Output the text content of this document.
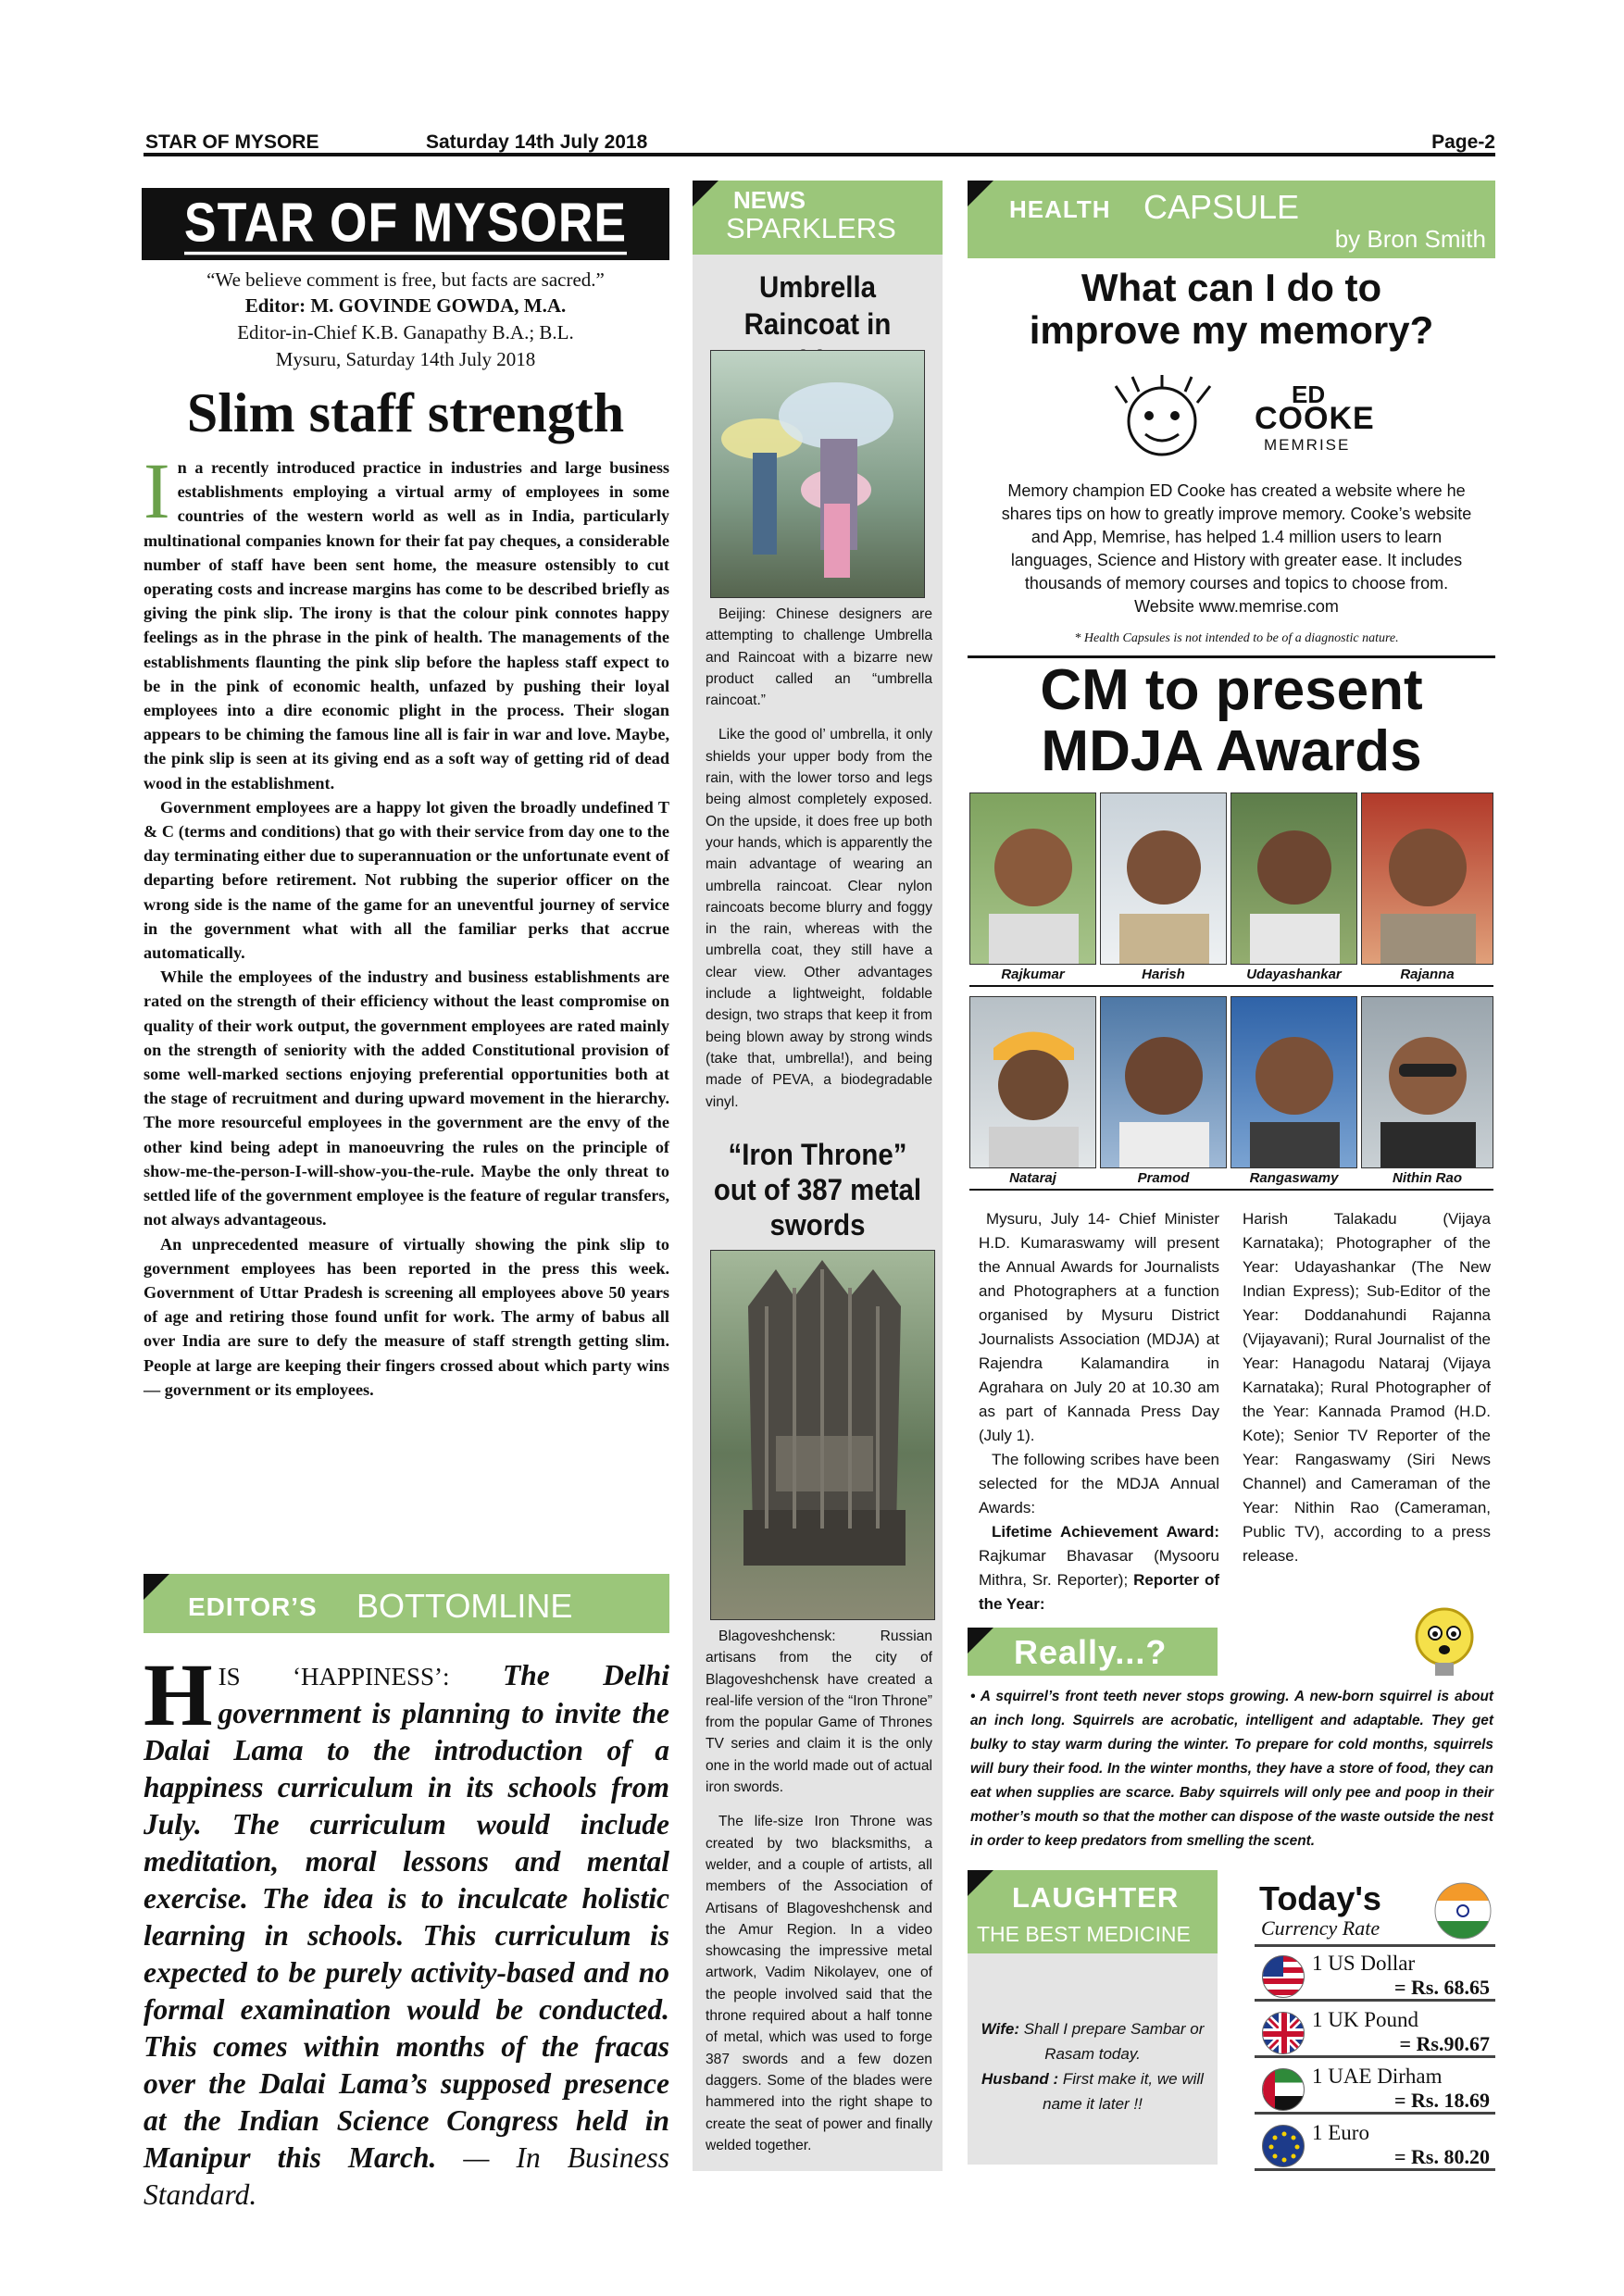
STAR OF MYSORE	Saturday 14th July 2018	Page-2
STAR OF MYSORE
“We believe comment is free, but facts are sacred.”
Editor: M. GOVINDE GOWDA, M.A.
Editor-in-Chief K.B. Ganapathy B.A.; B.L.
Mysuru, Saturday 14th July 2018
Slim staff strength

In a recently introduced practice in industries and large business establishments employing a virtual army of employees in some countries of the western world as well as in India, particularly multinational companies known for their fat pay cheques, a considerable number of staff have been sent home, the measure ostensibly to cut operating costs and increase margins has come to be described briefly as giving the pink slip. The irony is that the colour pink connotes happy feelings as in the phrase in the pink of health. The managements of the establishments flaunting the pink slip before the hapless staff expect to be in the pink of economic health, unfazed by pushing their loyal employees into a dire economic plight in the process. Their slogan appears to be chiming the famous line all is fair in war and love. Maybe, the pink slip is seen at its giving end as a soft way of getting rid of dead wood in the establishment.

Government employees are a happy lot given the broadly undefined T & C (terms and conditions) that go with their service from day one to the day terminating either due to superannuation or the unfortunate event of departing before retirement. Not rubbing the superior officer on the wrong side is the name of the game for an uneventful journey of service in the government what with all the familiar perks that accrue automatically.

While the employees of the industry and business establishments are rated on the strength of their efficiency without the least compromise on quality of their work output, the government employees are rated mainly on the strength of seniority with the added Constitutional provision of some well-marked sections enjoying preferential opportunities both at the stage of recruitment and during upward movement in the hierarchy. The more resourceful employees in the government are the envy of the other kind being adept in manoeuvring the rules on the principle of show-me-the-person-I-will-show-you-the-rule. Maybe the only threat to settled life of the government employee is the feature of regular transfers, not always advantageous.

An unprecedented measure of virtually showing the pink slip to government employees has been reported in the press this week. Government of Uttar Pradesh is screening all employees above 50 years of age and retiring those found unfit for work. The army of babus all over India are sure to defy the measure of staff strength getting slim. People at large are keeping their fingers crossed about which party wins — government or its employees.

EDITOR’S BOTTOMLINE
HIS ‘HAPPINESS’: The Delhi government is planning to invite the Dalai Lama to the introduction of a happiness curriculum in its schools from July. The curriculum would include meditation, moral lessons and mental exercise. The idea is to inculcate holistic learning in schools. This curriculum is expected to be purely activity-based and no formal examination would be conducted. This comes within months of the fracas over the Dalai Lama’s supposed presence at the Indian Science Congress held in Manipur this March. — In Business Standard.
NEWS
SPARKLERS
Umbrella Raincoat in

Beijing: Chinese designers are attempting to challenge Umbrella and Raincoat with a bizarre new product called an “umbrella raincoat.”

Like the good ol’ umbrella, it only shields your upper body from the rain, with the lower torso and legs being almost completely exposed. On the upside, it does free up both your hands, which is apparently the main advantage of wearing an umbrella raincoat. Clear nylon raincoats become blurry and foggy in the rain, whereas with the umbrella coat, they still have a clear view. Other advantages include a lightweight, foldable design, two straps that keep it from being blown away by strong winds (take that, umbrella!), and being made of PEVA, a biodegradable vinyl.

“Iron Throne” out of 387 metal swords

Blagoveshchensk: Russian artisans from the city of Blagoveshchensk have created a real-life version of the “Iron Throne” from the popular Game of Thrones TV series and claim it is the only one in the world made out of actual iron swords.

The life-size Iron Throne was created by two blacksmiths, a welder, and a couple of artists, all members of the Association of Artisans of Blagoveshchensk and the Amur Region. In a video showcasing the impressive metal artwork, Vadim Nikolayev, one of the people involved said that the throne required about a half tonne of metal, which was used to forge 387 swords and a few dozen daggers. Some of the blades were hammered into the right shape to create the seat of power and finally welded together.

HEALTH CAPSULE
by Bron Smith
What can I do to improve my memory?
ED
COOKE
MEMRISE
Memory champion ED Cooke has created a website where he shares tips on how to greatly improve memory. Cooke’s website and App, Memrise, has helped 1.4 million users to learn languages, Science and History with greater ease. It includes thousands of memory courses and topics to choose from. Website www.memrise.com
* Health Capsules is not intended to be of a diagnostic nature.
CM to present
MDJA Awards
Rajkumar	Harish	Udayashankar	Rajanna
Nataraj	Pramod	Rangaswamy	Nithin Rao

Mysuru, July 14- Chief Minister H.D. Kumaraswamy will present the Annual Awards for Journalists and Photographers at a function organised by Mysuru District Journalists Association (MDJA) at Rajendra Kalamandira in Agrahara on July 20 at 10.30 am as part of Kannada Press Day (July 1).

The following scribes have been selected for the MDJA Annual Awards:

Lifetime Achievement Award: Rajkumar Bhavasar (Mysooru Mithra, Sr. Reporter); Reporter of the Year:

Harish Talakadu (Vijaya Karnataka); Photographer of the Year: Udayashankar (The New Indian Express); Sub-Editor of the Year: Doddanahundi Rajanna (Vijayavani); Rural Journalist of the Year: Hanagodu Nataraj (Vijaya Karnataka); Rural Photographer of the Year: Kannada Pramod (H.D. Kote); Senior TV Reporter of the Year: Rangaswamy (Siri News Channel) and Cameraman of the Year: Nithin Rao (Cameraman, Public TV), according to a press release.
Really...?
• A squirrel’s front teeth never stops growing. A new-born squirrel is about an inch long. Squirrels are acrobatic, intelligent and adaptable. They get bulky to stay warm during the winter. To prepare for cold months, squirrels will bury their food. In the winter months, they have a store of food, they can eat when supplies are scarce. Baby squirrels will only pee and poop in their mother’s mouth so that the mother can dispose of the waste outside the nest in order to keep predators from smelling the scent.
LAUGHTER
THE BEST MEDICINE
Wife: Shall I prepare Sambar or Rasam today.
Husband : First make it, we will name it later !!
Today's
Currency Rate
1 US Dollar
= Rs. 68.65
1 UK Pound
= Rs.90.67
1 UAE Dirham
= Rs. 18.69
1 Euro
= Rs. 80.20
